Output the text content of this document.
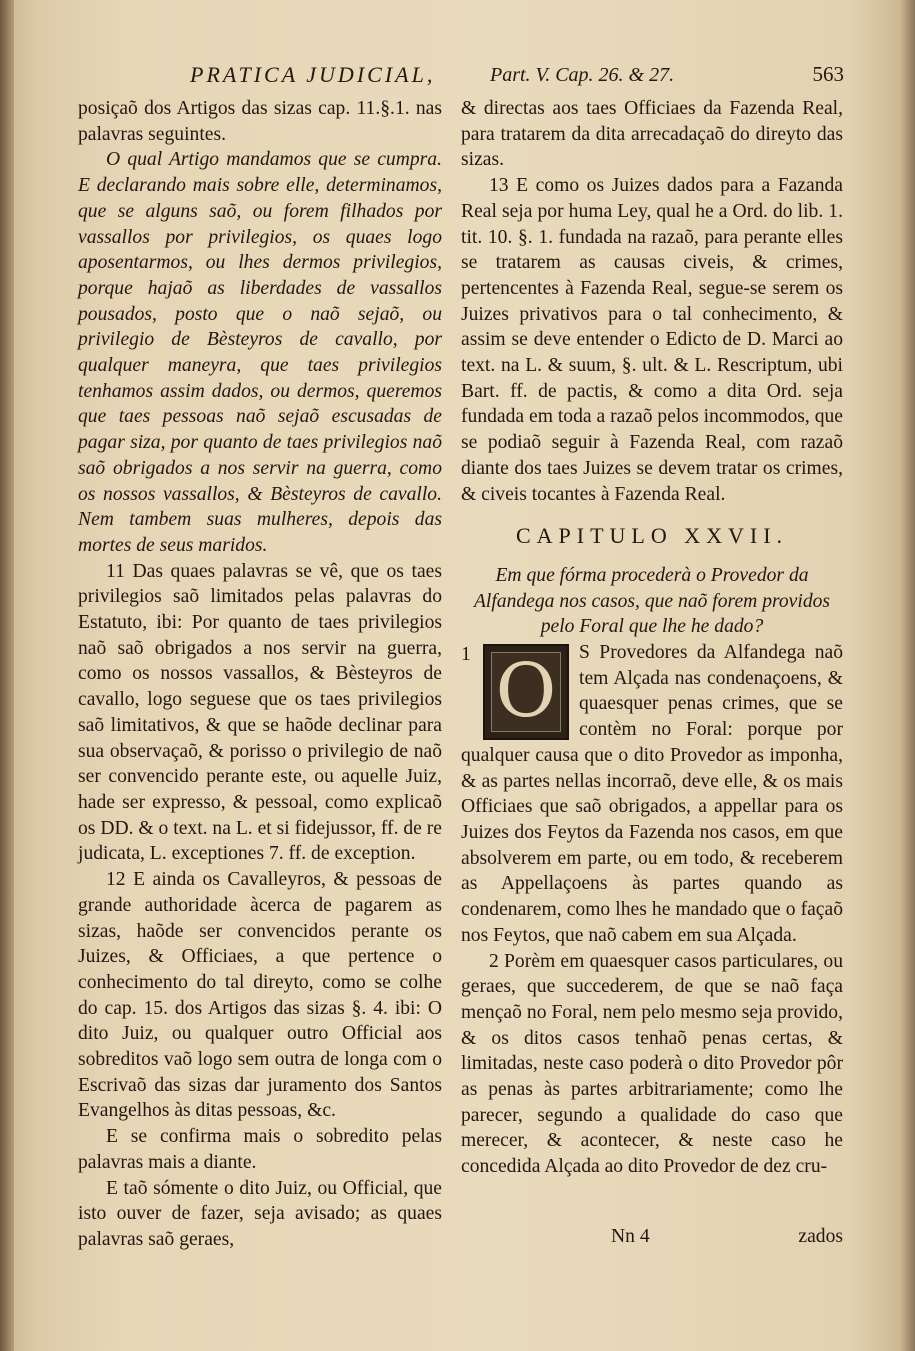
PRATICA JUDICIAL,	Part. V. Cap. 26. & 27.	563

posiçaõ dos Artigos das sizas cap. 11.§.1. nas palavras seguintes.

O qual Artigo mandamos que se cumpra. E declarando mais sobre elle, determinamos, que se alguns saõ, ou forem filhados por vassallos por privilegios, os quaes logo aposentarmos, ou lhes dermos privilegios, porque hajaõ as liberdades de vassallos pousados, posto que o naõ sejaõ, ou privilegio de Bèsteyros de cavallo, por qualquer maneyra, que taes privilegios tenhamos assim dados, ou dermos, queremos que taes pessoas naõ sejaõ escusadas de pagar siza, por quanto de taes privilegios naõ saõ obrigados a nos servir na guerra, como os nossos vassallos, & Bèsteyros de cavallo. Nem tambem suas mulheres, depois das mortes de seus maridos.

11 Das quaes palavras se vê, que os taes privilegios saõ limitados pelas palavras do Estatuto, ibi: Por quanto de taes privilegios naõ saõ obrigados a nos servir na guerra, como os nossos vassallos, & Bèsteyros de cavallo, logo seguese que os taes privilegios saõ limitativos, & que se haõde declinar para sua observaçaõ, & porisso o privilegio de naõ ser convencido perante este, ou aquelle Juiz, hade ser expresso, & pessoal, como explicaõ os DD. & o text. na L. et si fidejussor, ff. de re judicata, L. exceptiones 7. ff. de exception.

12 E ainda os Cavalleyros, & pessoas de grande authoridade àcerca de pagarem as sizas, haõde ser convencidos perante os Juizes, & Officiaes, a que pertence o conhecimento do tal direyto, como se colhe do cap. 15. dos Artigos das sizas §. 4. ibi: O dito Juiz, ou qualquer outro Official aos sobreditos vaõ logo sem outra de longa com o Escrivaõ das sizas dar juramento dos Santos Evangelhos às ditas pessoas, &c.

E se confirma mais o sobredito pelas palavras mais a diante.

E taõ sómente o dito Juiz, ou Official, que isto ouver de fazer, seja avisado; as quaes palavras saõ geraes,

& directas aos taes Officiaes da Fazenda Real, para tratarem da dita arrecadaçaõ do direyto das sizas.

13 E como os Juizes dados para a Fazanda Real seja por huma Ley, qual he a Ord. do lib. 1. tit. 10. §. 1. fundada na razaõ, para perante elles se tratarem as causas civeis, & crimes, pertencentes à Fazenda Real, segue-se serem os Juizes privativos para o tal conhecimento, & assim se deve entender o Edicto de D. Marci ao text. na L. & suum, §. ult. & L. Rescriptum, ubi Bart. ff. de pactis, & como a dita Ord. seja fundada em toda a razaõ pelos incommodos, que se podiaõ seguir à Fazenda Real, com razaõ diante dos taes Juizes se devem tratar os crimes, & civeis tocantes à Fazenda Real.

CAPITULO XXVII.

Em que fórma procederà o Provedor da Alfandega nos casos, que naõ forem providos pelo Foral que lhe he dado?

1 O	S Provedores da Alfandega naõ tem Alçada nas condenaçoens, & quaesquer penas crimes, que se contèm no Foral: porque por qualquer causa que o dito Provedor as imponha, & as partes nellas incorraõ, deve elle, & os mais Officiaes que saõ obrigados, a appellar para os Juizes dos Feytos da Fazenda nos casos, em que absolverem em parte, ou em todo, & receberem as Appellaçoens às partes quando as condenarem, como lhes he mandado que o façaõ nos Feytos, que naõ cabem em sua Alçada.

2 Porèm em quaesquer casos particulares, ou geraes, que succederem, de que se naõ faça mençaõ no Foral, nem pelo mesmo seja provido, & os ditos casos tenhaõ penas certas, & limitadas, neste caso poderà o dito Provedor pôr as penas às partes arbitrariamente; como lhe parecer, segundo a qualidade do caso que merecer, & acontecer, & neste caso he concedida Alçada ao dito Provedor de dez cru-

Nn 4	zados
